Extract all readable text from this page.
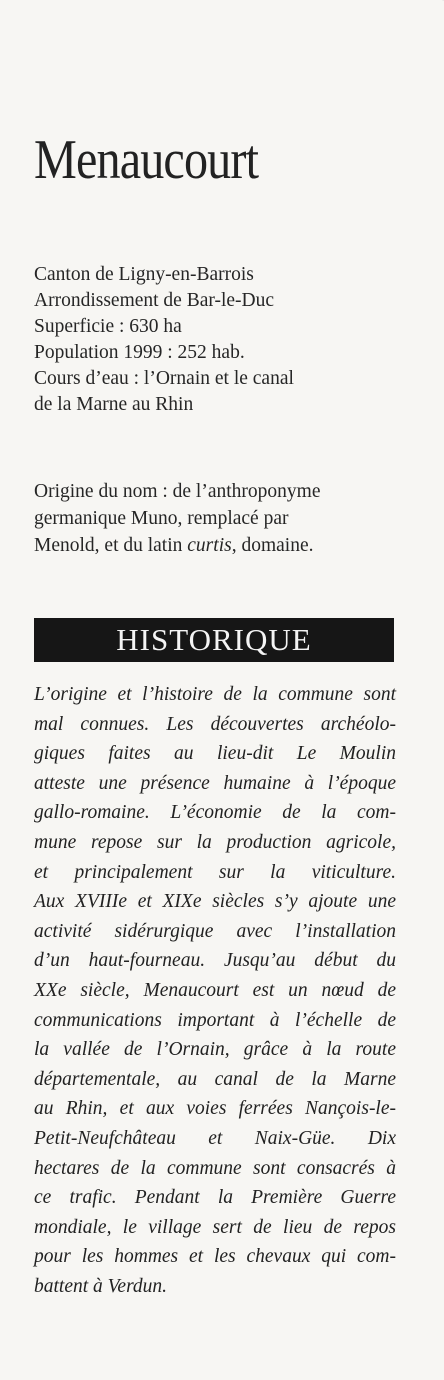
Menaucourt
Canton de Ligny-en-Barrois
Arrondissement de Bar-le-Duc
Superficie : 630 ha
Population 1999 : 252 hab.
Cours d’eau : l’Ornain et le canal
de la Marne au Rhin
Origine du nom : de l’anthroponyme
germanique Muno, remplacé par
Menold, et du latin curtis, domaine.
HISTORIQUE
L’origine et l’histoire de la commune sont
mal connues. Les découvertes archéolo-
giques faites au lieu-dit Le Moulin
atteste une présence humaine à l’époque
gallo-romaine. L’économie de la com-
mune repose sur la production agricole,
et principalement sur la viticulture.
Aux XVIIIe et XIXe siècles s’y ajoute une
activité sidérurgique avec l’installation
d’un haut-fourneau. Jusqu’au début du
XXe siècle, Menaucourt est un nœud de
communications important à l’échelle de
la vallée de l’Ornain, grâce à la route
départementale, au canal de la Marne
au Rhin, et aux voies ferrées Nançois-le-
Petit-Neufchâteau et Naix-Güe. Dix
hectares de la commune sont consacrés à
ce trafic. Pendant la Première Guerre
mondiale, le village sert de lieu de repos
pour les hommes et les chevaux qui com-
battent à Verdun.
